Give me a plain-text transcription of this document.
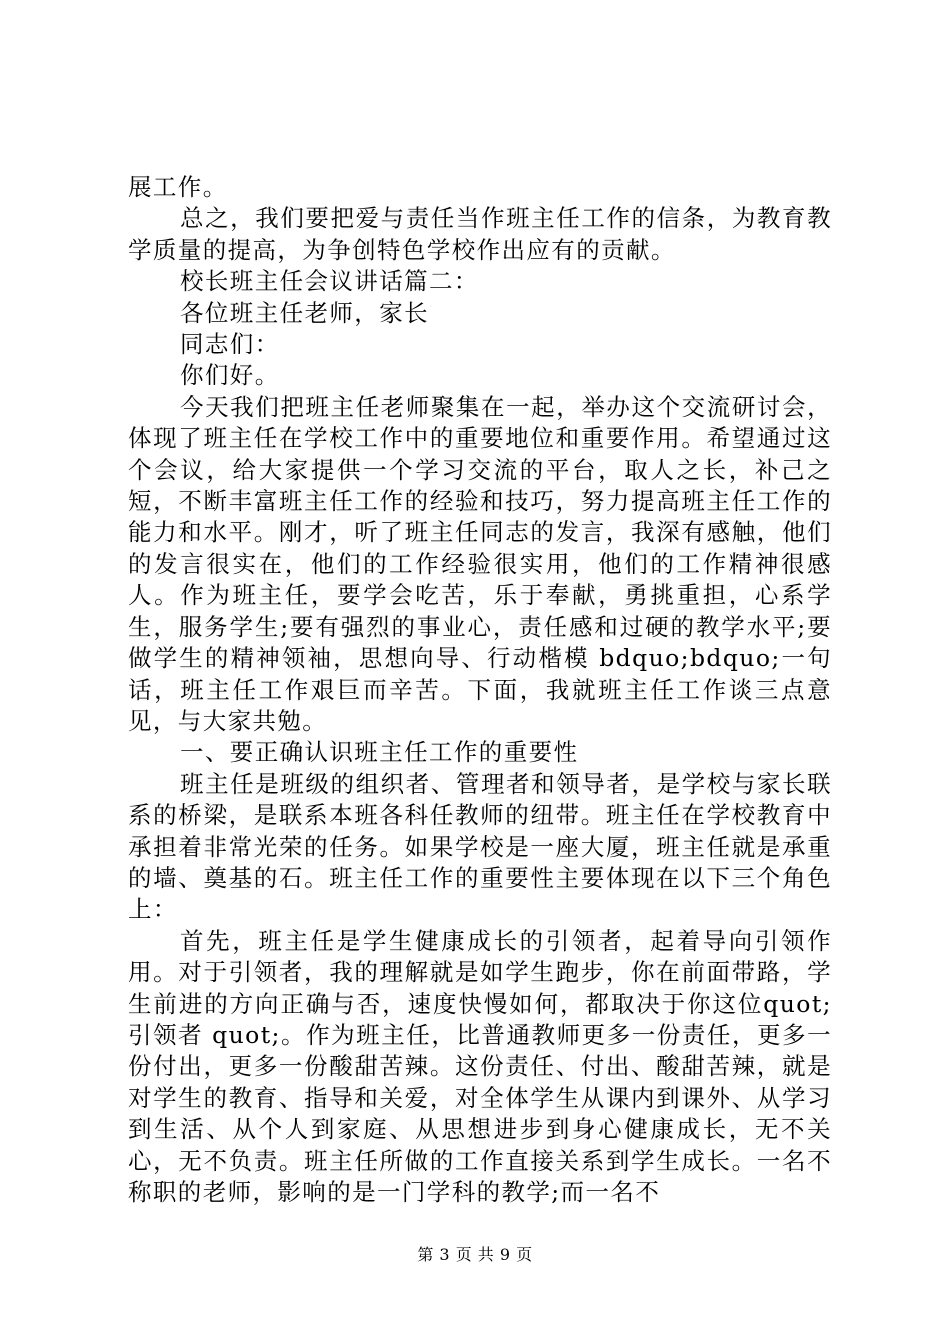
展工作。

总之，我们要把爱与责任当作班主任工作的信条，为教育教学质量的提高，为争创特色学校作出应有的贡献。

校长班主任会议讲话篇二：

各位班主任老师，家长

同志们：

你们好。

今天我们把班主任老师聚集在一起，举办这个交流研讨会，体现了班主任在学校工作中的重要地位和重要作用。希望通过这个会议，给大家提供一个学习交流的平台，取人之长，补己之短，不断丰富班主任工作的经验和技巧，努力提高班主任工作的能力和水平。刚才，听了班主任同志的发言，我深有感触，他们的发言很实在，他们的工作经验很实用，他们的工作精神很感人。作为班主任，要学会吃苦，乐于奉献，勇挑重担，心系学生，服务学生;要有强烈的事业心，责任感和过硬的教学水平;要做学生的精神领袖，思想向导、行动楷模 bdquo;bdquo;一句话，班主任工作艰巨而辛苦。下面，我就班主任工作谈三点意见，与大家共勉。

一、要正确认识班主任工作的重要性

班主任是班级的组织者、管理者和领导者，是学校与家长联系的桥梁，是联系本班各科任教师的纽带。班主任在学校教育中承担着非常光荣的任务。如果学校是一座大厦，班主任就是承重的墙、奠基的石。班主任工作的重要性主要体现在以下三个角色上：

首先，班主任是学生健康成长的引领者，起着导向引领作用。对于引领者，我的理解就是如学生跑步，你在前面带路，学生前进的方向正确与否，速度快慢如何，都取决于你这位quot;引领者 quot;。作为班主任，比普通教师更多一份责任，更多一份付出，更多一份酸甜苦辣。这份责任、付出、酸甜苦辣，就是对学生的教育、指导和关爱，对全体学生从课内到课外、从学习到生活、从个人到家庭、从思想进步到身心健康成长，无不关心，无不负责。班主任所做的工作直接关系到学生成长。一名不称职的老师，影响的是一门学科的教学;而一名不

第 3 页 共 9 页
